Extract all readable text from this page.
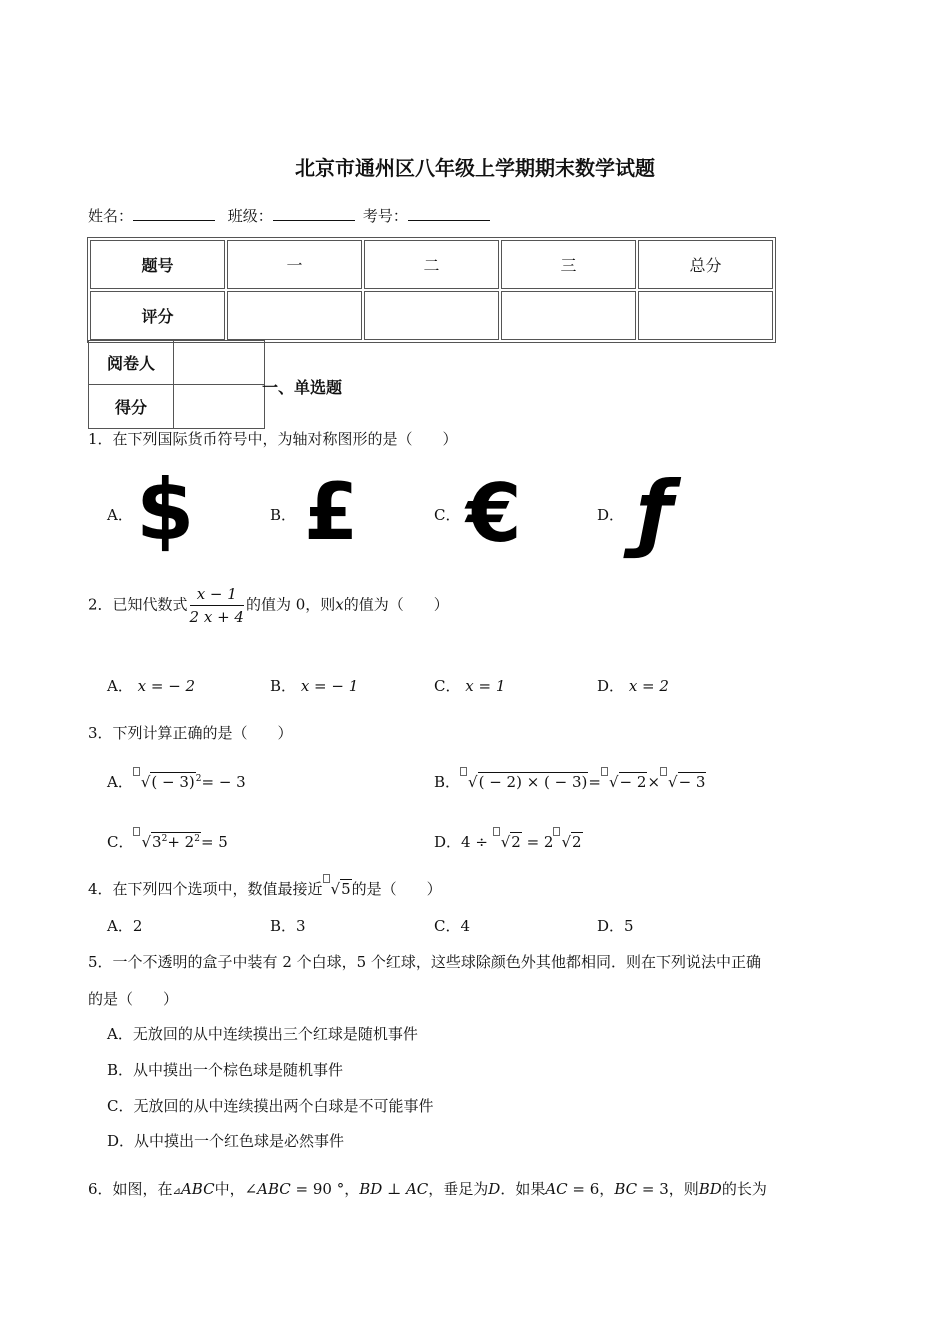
北京市通州区八年级上学期期末数学试题
姓名：	班级：	考号：
题号	一	二	三	总分
评分				
阅卷人	
得分	
一、单选题
1．在下列国际货币符号中，为轴对称图形的是（　　）
A． $	B． £	C． €	D． ƒ
2．已知代数式 $\frac{x - 1}{2 x + 4}$ 的值为 0，则x的值为（　　）
A． x = − 2	B． x = − 1	C． x = 1	D． x = 2
3．下列计算正确的是（　　）
A． √( − 3)$^2$= − 3	B． √( − 2) × ( − 3)= √− 2× √− 3
C． $√3^2+ 2^2= 5$	D．4 ÷
√2 = 2 √2
4．在下列四个选项中，数值最接近 √5的是（　　）
A．2	B．3	C．4	D．5
5．一个不透明的盒子中装有 2 个白球，5 个红球，这些球除颜色外其他都相同．则在下列说法中正确
的是（　　）
A．无放回的从中连续摸出三个红球是随机事件
B．从中摸出一个棕色球是随机事件
C．无放回的从中连续摸出两个白球是不可能事件
D．从中摸出一个红色球是必然事件
6．如图，在⊿ABC中，∠ABC = 90 °，BD ⊥ AC，垂足为D．如果AC = 6，BC = 3，则BD的长为
